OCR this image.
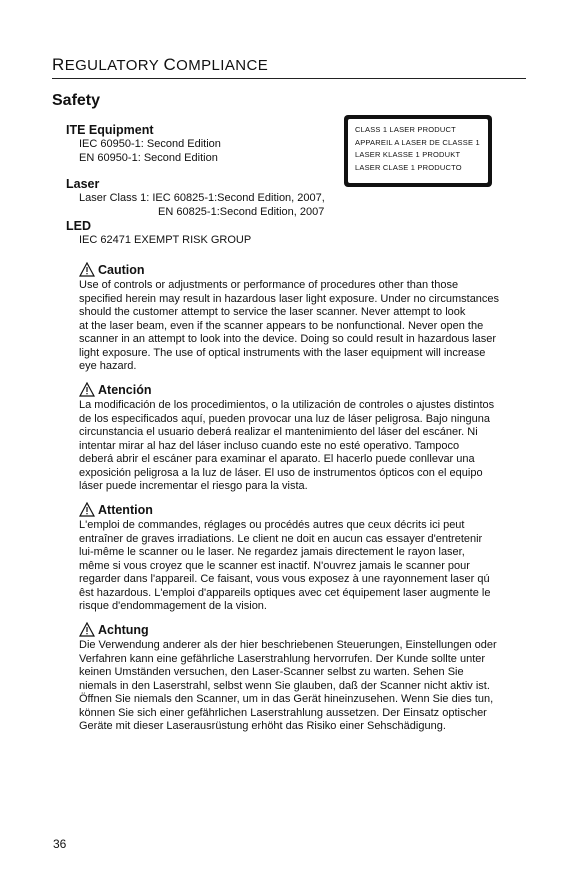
REGULATORY COMPLIANCE
Safety
CLASS 1 LASER PRODUCT
APPAREIL A LASER DE CLASSE 1
LASER KLASSE 1 PRODUKT
LASER CLASE 1 PRODUCTO
ITE Equipment
IEC 60950-1: Second Edition
EN 60950-1: Second Edition
Laser
Laser Class 1: IEC 60825-1:Second Edition, 2007,
EN 60825-1:Second Edition, 2007
LED
IEC 62471 EXEMPT RISK GROUP
Caution
Use of controls or adjustments or performance of procedures other than those
specified herein may result in hazardous laser light exposure. Under no circumstances
should the customer attempt to service the laser scanner. Never attempt to look
at the laser beam, even if the scanner appears to be nonfunctional. Never open the
scanner in an attempt to look into the device. Doing so could result in hazardous laser
light exposure. The use of optical instruments with the laser equipment will increase
eye hazard.
Atención
La modificación de los procedimientos, o la utilización de controles o ajustes distintos
de los especificados aquí, pueden provocar una luz de láser peligrosa. Bajo ninguna
circunstancia el usuario deberá realizar el mantenimiento del láser del escáner. Ni
intentar mirar al haz del láser incluso cuando este no esté operativo. Tampoco
deberá abrir el escáner para examinar el aparato. El hacerlo puede conllevar una
exposición peligrosa a la luz de láser. El uso de instrumentos ópticos con el equipo
láser puede incrementar el riesgo para la vista.
Attention
L'emploi de commandes, réglages ou procédés autres que ceux décrits ici peut
entraîner de graves irradiations. Le client ne doit en aucun cas essayer d'entretenir
lui-même le scanner ou le laser. Ne regardez jamais directement le rayon laser,
même si vous croyez que le scanner est inactif. N'ouvrez jamais le scanner pour
regarder dans l'appareil. Ce faisant, vous vous exposez à une rayonnement laser qú
êst hazardous. L'emploi d'appareils optiques avec cet équipement laser augmente le
risque d'endommagement de la vision.
Achtung
Die Verwendung anderer als der hier beschriebenen Steuerungen, Einstellungen oder
Verfahren kann eine gefährliche Laserstrahlung hervorrufen. Der Kunde sollte unter
keinen Umständen versuchen, den Laser-Scanner selbst zu warten. Sehen Sie
niemals in den Laserstrahl, selbst wenn Sie glauben, daß der Scanner nicht aktiv ist.
Öffnen Sie niemals den Scanner, um in das Gerät hineinzusehen. Wenn Sie dies tun,
können Sie sich einer gefährlichen Laserstrahlung aussetzen. Der Einsatz optischer
Geräte mit dieser Laserausrüstung erhöht das Risiko einer Sehschädigung.
36
